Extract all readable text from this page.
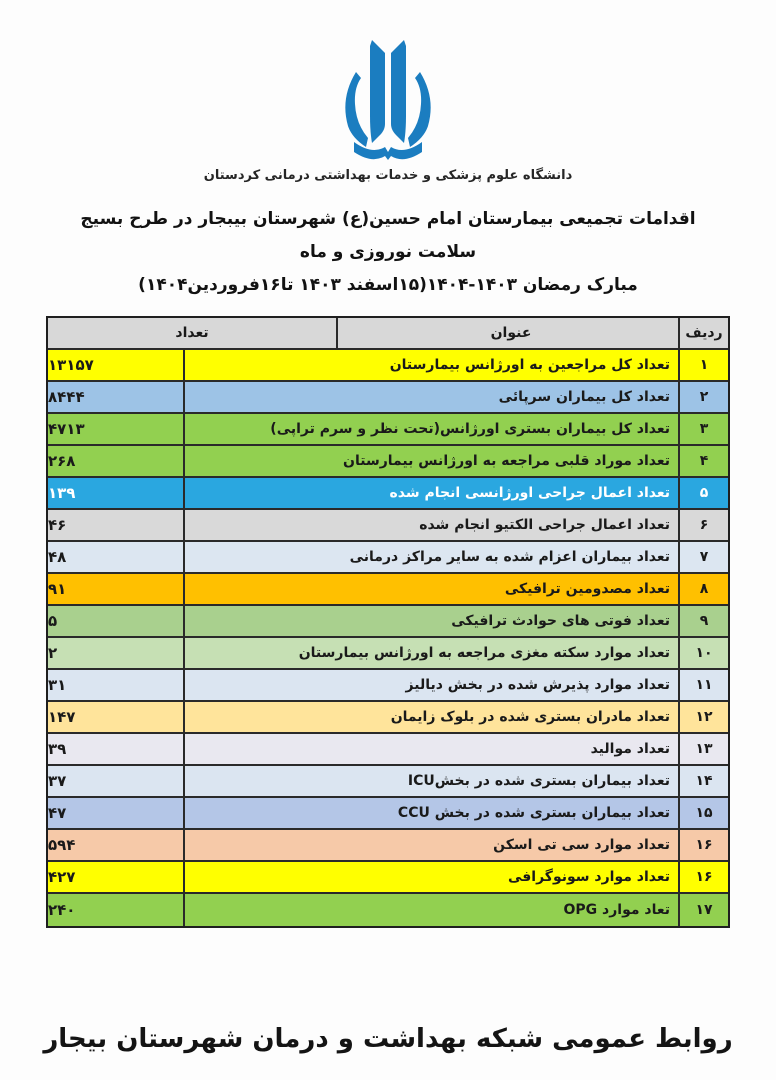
دانشگاه علوم پزشکی و خدمات بهداشتی درمانی کردستان
اقدامات تجمیعی بیمارستان امام حسین(ع) شهرستان بیبجار در طرح بسیج سلامت نوروزی و ماه
مبارک رمضان ۱۴۰۳-۱۴۰۴(۱۵اسفند ۱۴۰۳ تا۱۶فروردین۱۴۰۴)
تعداد	عنوان	ردیف
۱۳۱۵۷	تعداد کل مراجعین به اورژانس بیمارستان	۱
۸۴۴۴	تعداد کل بیماران سرپائی	۲
۴۷۱۳	تعداد کل بیماران بستری اورژانس(تحت نظر و سرم تراپی)	۳
۲۶۸	تعداد موراد قلبی مراجعه به اورژانس بیمارستان	۴
۱۳۹	تعداد اعمال جراحی اورژانسی انجام شده	۵
۴۶	تعداد اعمال جراحی الکتیو انجام شده	۶
۴۸	تعداد بیماران اعزام شده به سایر مراکز درمانی	۷
۹۱	تعداد مصدومین ترافیکی	۸
۵	تعداد فوتی های حوادث ترافیکی	۹
۲	تعداد موارد سکته مغزی مراجعه به اورژانس بیمارستان	۱۰
۳۱	تعداد موارد پذیرش شده در بخش دیالیز	۱۱
۱۴۷	تعداد مادران بستری شده در بلوک زایمان	۱۲
۳۹	تعداد موالید	۱۳
۳۷	تعداد بیماران بستری شده در بخشICU	۱۴
۴۷	تعداد بیماران بستری شده در بخش CCU	۱۵
۵۹۴	تعداد موارد سی تی اسکن	۱۶
۴۲۷	تعداد موارد سونوگرافی	۱۶
۲۴۰	تعاد موارد OPG	۱۷
روابط عمومی شبکه بهداشت و درمان شهرستان بیجار
